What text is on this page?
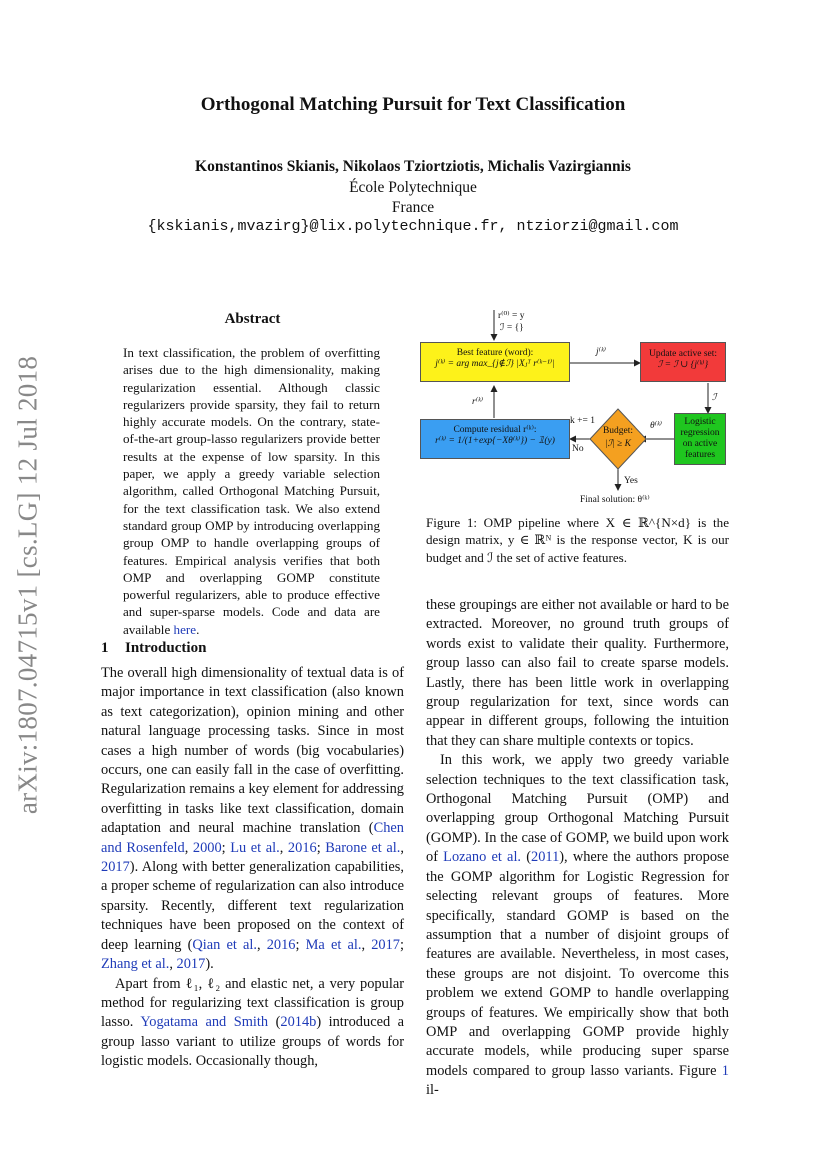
Orthogonal Matching Pursuit for Text Classification
Konstantinos Skianis, Nikolaos Tziortziotis, Michalis Vazirgiannis
École Polytechnique
France
{kskianis,mvazirg}@lix.polytechnique.fr, ntziorzi@gmail.com
arXiv:1807.04715v1 [cs.LG] 12 Jul 2018
Abstract
In text classification, the problem of overfitting arises due to the high dimensionality, making regularization essential. Although classic regularizers provide sparsity, they fail to return highly accurate models. On the contrary, state-of-the-art group-lasso regularizers provide better results at the expense of low sparsity. In this paper, we apply a greedy variable selection algorithm, called Orthogonal Matching Pursuit, for the text classification task. We also extend standard group OMP by introducing overlapping group OMP to handle overlapping groups of features. Empirical analysis verifies that both OMP and overlapping GOMP constitute powerful regularizers, able to produce effective and super-sparse models. Code and data are available here.
1 Introduction

The overall high dimensionality of textual data is of major importance in text classification (also known as text categorization), opinion mining and other natural language processing tasks. Since in most cases a high number of words (big vocabularies) occurs, one can easily fall in the case of overfitting. Regularization remains a key element for addressing overfitting in tasks like text classification, domain adaptation and neural machine translation (Chen and Rosenfeld, 2000; Lu et al., 2016; Barone et al., 2017). Along with better generalization capabilities, a proper scheme of regularization can also introduce sparsity. Recently, different text regularization techniques have been proposed on the context of deep learning (Qian et al., 2016; Ma et al., 2017; Zhang et al., 2017).

Apart from ℓ₁, ℓ₂ and elastic net, a very popular method for regularizing text classification is group lasso. Yogatama and Smith (2014b) introduced a group lasso variant to utilize groups of words for logistic models. Occasionally though,

r⁽⁰⁾ = y
ℐ = {}
Best feature (word):
j⁽ᵏ⁾ = arg max_{j∉ℐ} |Xⱼᵀ r⁽ᵏ⁻¹⁾|
Update active set:
ℐ = ℐ ∪ {j⁽ᵏ⁾}
Logistic regression on active features
Compute residual r⁽ᵏ⁾:
r⁽ᵏ⁾ = 1/(1+exp{−Xθ⁽ᵏ⁾}) − 𝟙(y)
Budget:
|ℐ| ≥ K
j⁽ᵏ⁾
ℐ
θ⁽ᵏ⁾
r⁽ᵏ⁾
k += 1
No
Yes
Final solution: θ⁽ᵏ⁾
Figure 1: OMP pipeline where X ∈ ℝ^{N×d} is the design matrix, y ∈ ℝᴺ is the response vector, K is our budget and ℐ the set of active features.

these groupings are either not available or hard to be extracted. Moreover, no ground truth groups of words exist to validate their quality. Furthermore, group lasso can also fail to create sparse models. Lastly, there has been little work in overlapping group regularization for text, since words can appear in different groups, following the intuition that they can share multiple contexts or topics.

In this work, we apply two greedy variable selection techniques to the text classification task, Orthogonal Matching Pursuit (OMP) and overlapping group Orthogonal Matching Pursuit (GOMP). In the case of GOMP, we build upon work of Lozano et al. (2011), where the authors propose the GOMP algorithm for Logistic Regression for selecting relevant groups of features. More specifically, standard GOMP is based on the assumption that a number of disjoint groups of features are available. Nevertheless, in most cases, these groups are not disjoint. To overcome this problem we extend GOMP to handle overlapping groups of features. We empirically show that both OMP and overlapping GOMP provide highly accurate models, while producing super sparse models compared to group lasso variants. Figure 1 il-
